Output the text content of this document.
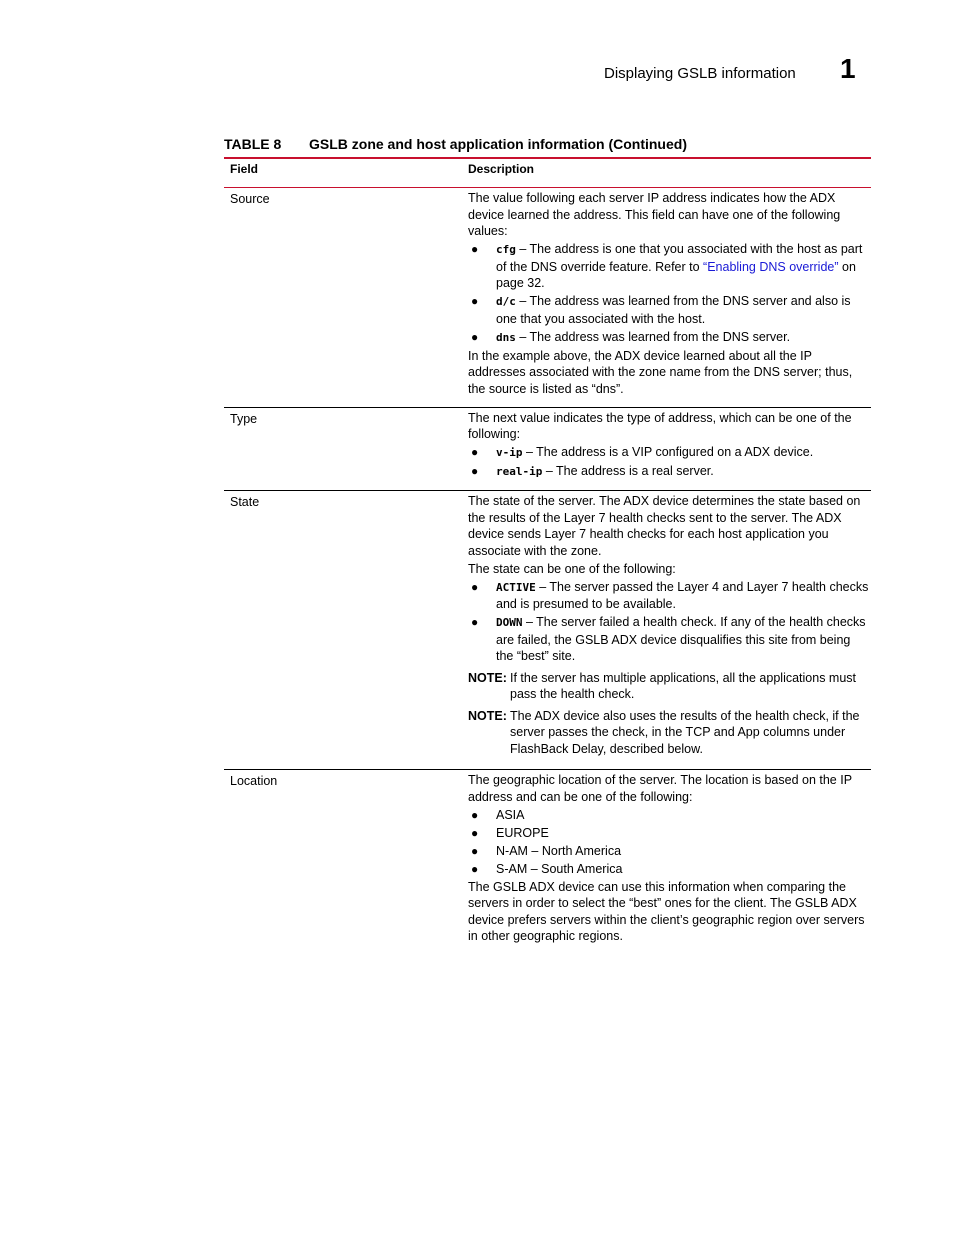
Displaying GSLB information 1
TABLE 8 GSLB zone and host application information (Continued)
Field	Description
Source	The value following each server IP address indicates how the ADX device learned the address. This field can have one of the following values:

● cfg – The address is one that you associated with the host as part of the DNS override feature. Refer to “Enabling DNS override” on page 32.
● d/c – The address was learned from the DNS server and also is one that you associated with the host.
● dns – The address was learned from the DNS server.

In the example above, the ADX device learned about all the IP addresses associated with the zone name from the DNS server; thus, the source is listed as “dns”.

Type	The next value indicates the type of address, which can be one of the following:

● v-ip – The address is a VIP configured on a ADX device.
● real-ip – The address is a real server.
State	The state of the server. The ADX device determines the state based on the results of the Layer 7 health checks sent to the server. The ADX device sends Layer 7 health checks for each host application you associate with the zone.

The state can be one of the following:

● ACTIVE – The server passed the Layer 4 and Layer 7 health checks and is presumed to be available.
● DOWN – The server failed a health check. If any of the health checks are failed, the GSLB ADX device disqualifies this site from being the “best” site.
NOTE: If the server has multiple applications, all the applications must pass the health check.
NOTE: The ADX device also uses the results of the health check, if the server passes the check, in the TCP and App columns under FlashBack Delay, described below.
Location	The geographic location of the server. The location is based on the IP address and can be one of the following:

● ASIA
● EUROPE
● N-AM – North America
● S-AM – South America

The GSLB ADX device can use this information when comparing the servers in order to select the “best” ones for the client. The GSLB ADX device prefers servers within the client’s geographic region over servers in other geographic regions.
